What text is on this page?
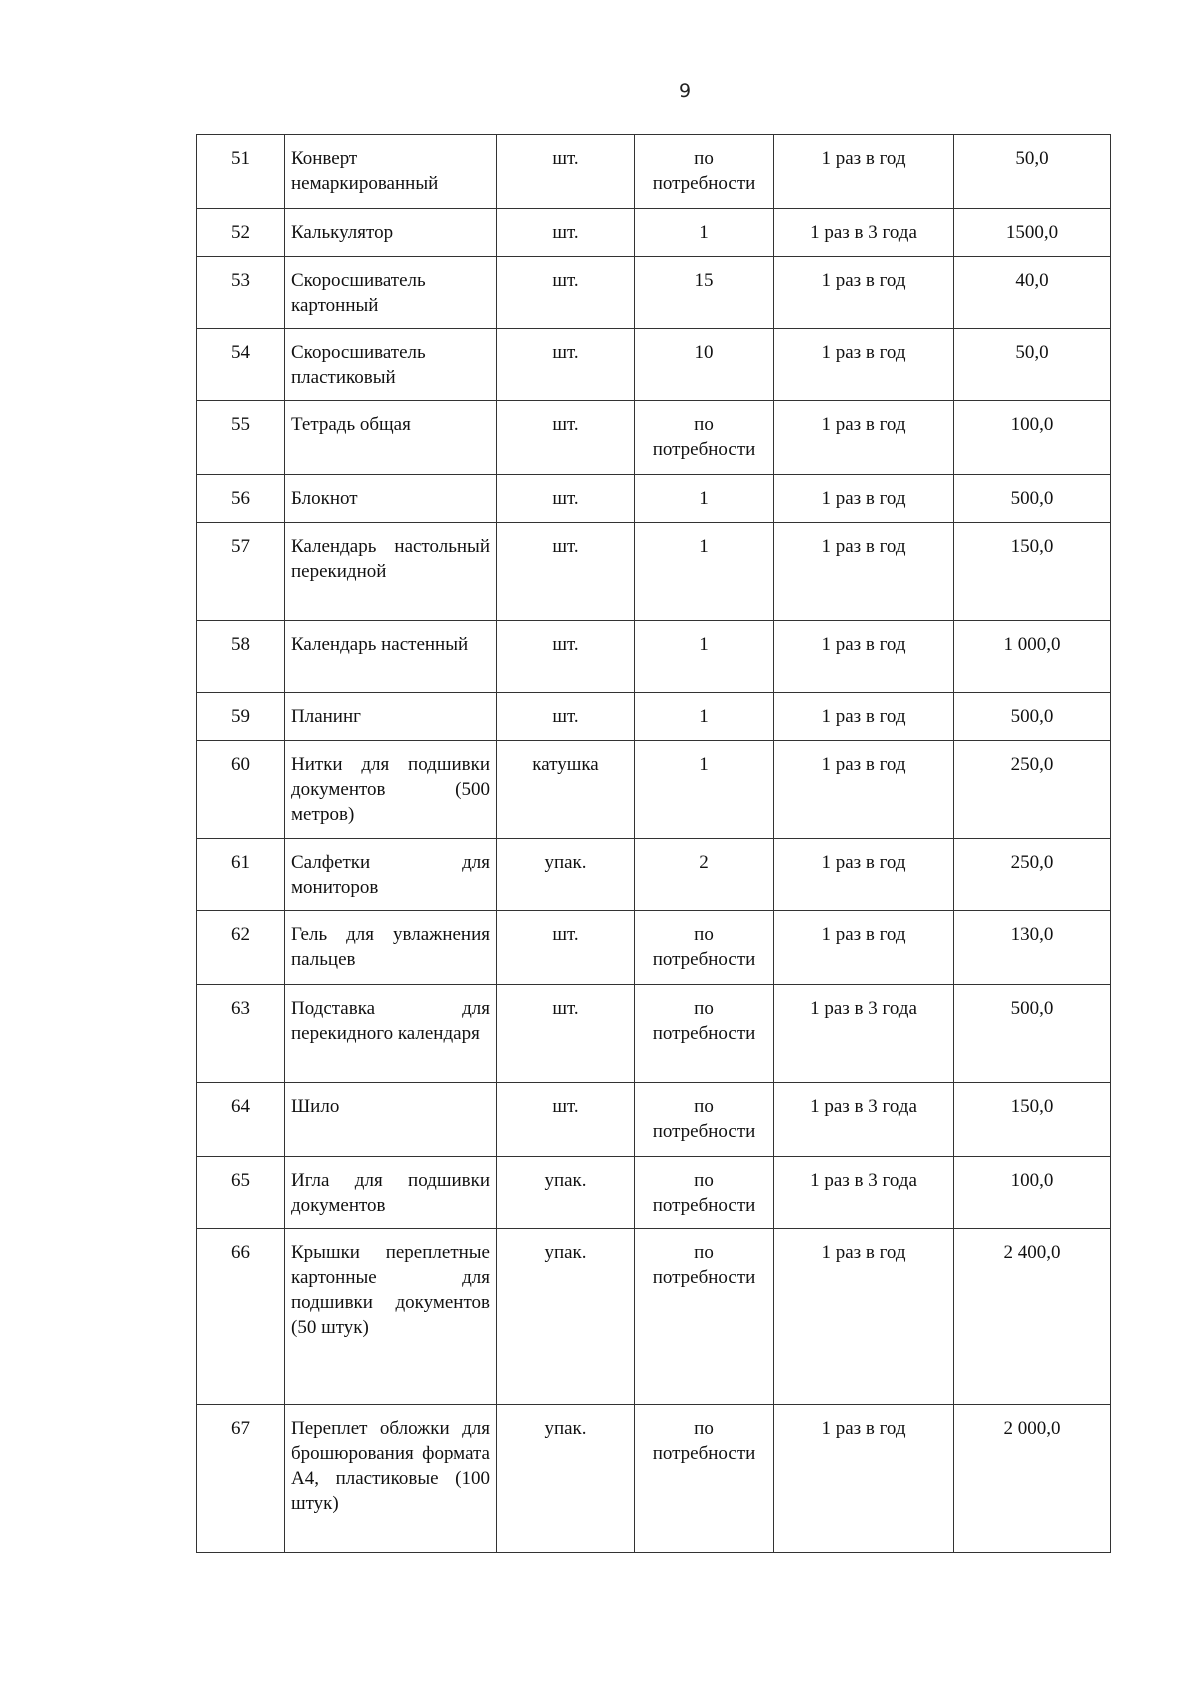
9
51	Конверт немаркированный	шт.	по потребности	1 раз в год	50,0
52	Калькулятор	шт.	1	1 раз в 3 года	1500,0
53	Скоросшиватель картонный	шт.	15	1 раз в год	40,0
54	Скоросшиватель пластиковый	шт.	10	1 раз в год	50,0
55	Тетрадь общая	шт.	по потребности	1 раз в год	100,0
56	Блокнот	шт.	1	1 раз в год	500,0
57	Календарь настольный перекидной	шт.	1	1 раз в год	150,0
58	Календарь настенный	шт.	1	1 раз в год	1 000,0
59	Планинг	шт.	1	1 раз в год	500,0
60	Нитки для подшивки документов (500 метров)	катушка	1	1 раз в год	250,0
61	Салфетки для мониторов	упак.	2	1 раз в год	250,0
62	Гель для увлажнения пальцев	шт.	по потребности	1 раз в год	130,0
63	Подставка для перекидного календаря	шт.	по потребности	1 раз в 3 года	500,0
64	Шило	шт.	по потребности	1 раз в 3 года	150,0
65	Игла для подшивки документов	упак.	по потребности	1 раз в 3 года	100,0
66	Крышки переплетные картонные для подшивки документов (50 штук)	упак.	по потребности	1 раз в год	2 400,0
67	Переплет обложки для брошюрования формата А4, пластиковые (100 штук)	упак.	по потребности	1 раз в год	2 000,0
